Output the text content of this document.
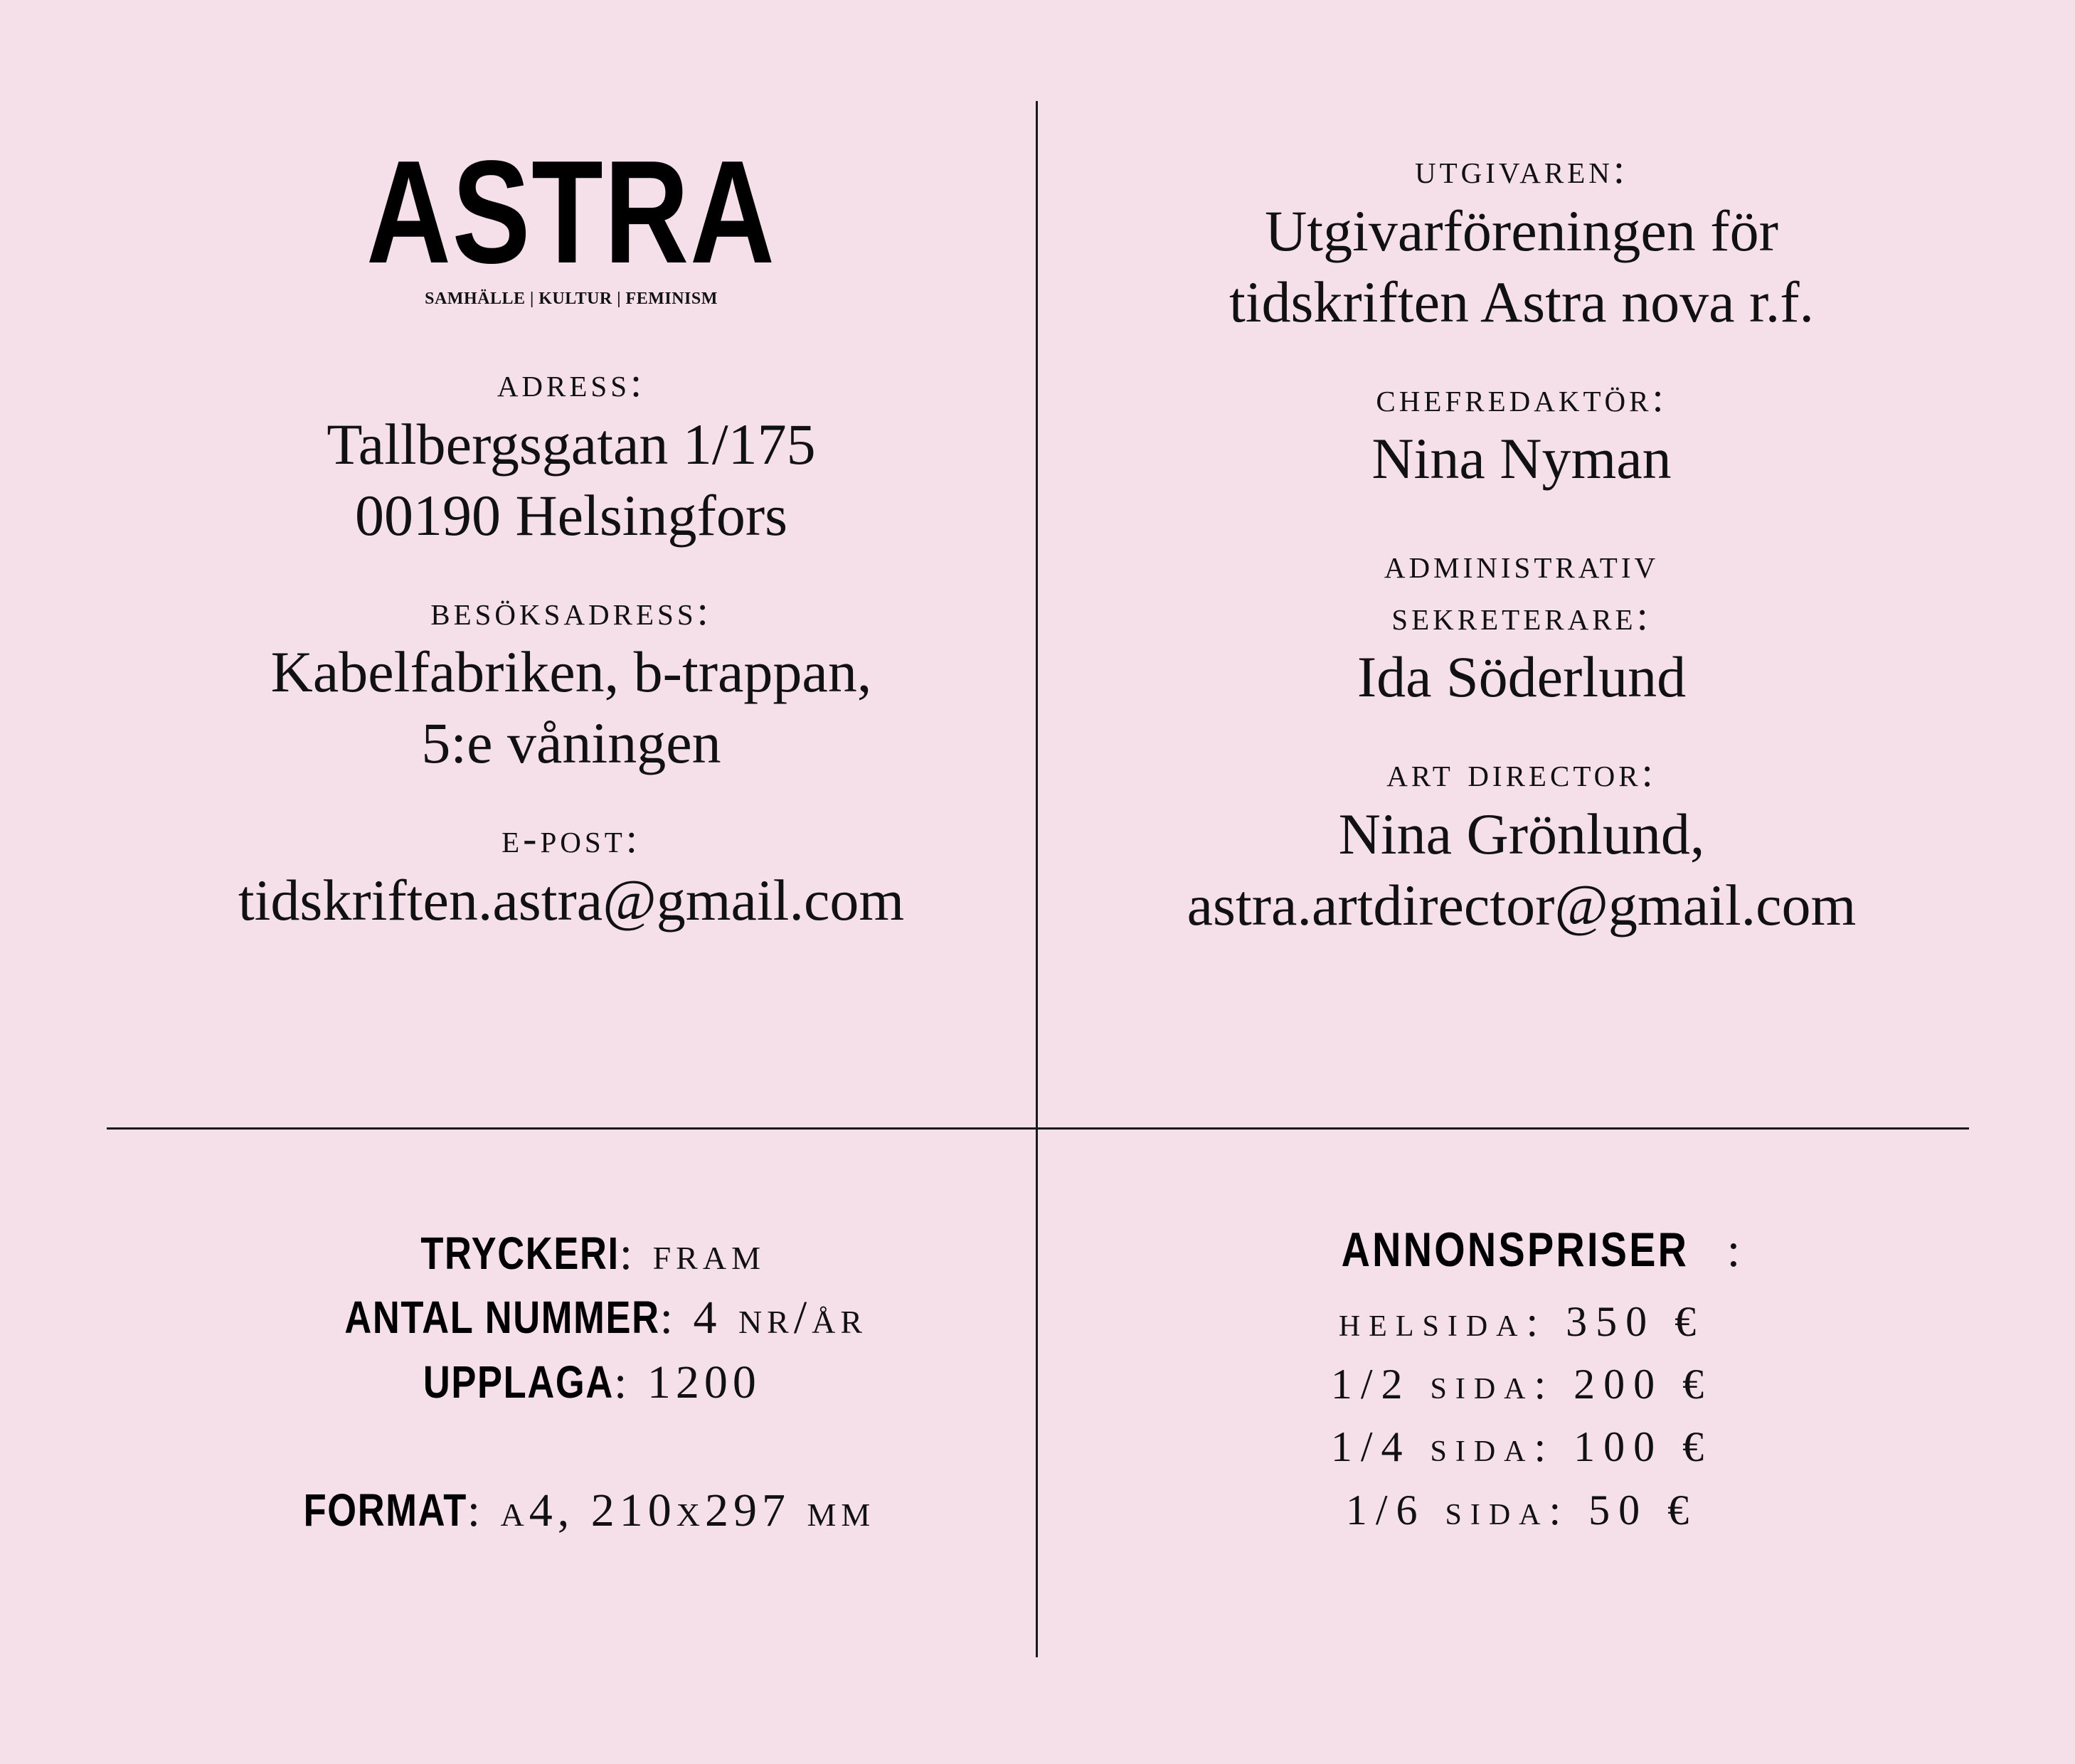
ASTRA
SAMHÄLLE | KULTUR | FEMINISM
adress:
Tallbergsgatan 1/175
00190 Helsingfors
besöksadress:
Kabelfabriken, b-trappan,
5:e våningen
e-post:
tidskriften.astra@gmail.com
utgivaren:
Utgivarföreningen för
tidskriften Astra nova r.f.
chefredaktör:
Nina Nyman
administrativ
sekreterare:
Ida Söderlund
art director:
Nina Grönlund,
astra.artdirector@gmail.com
TRYCKERI: fram
ANTAL NUMMER: 4 nr/år
UPPLAGA: 1200
FORMAT: a4, 210x297 mm
ANNONSPRISER :
helsida: 350 €
1/2 sida: 200 €
1/4 sida: 100 €
1/6 sida: 50 €
